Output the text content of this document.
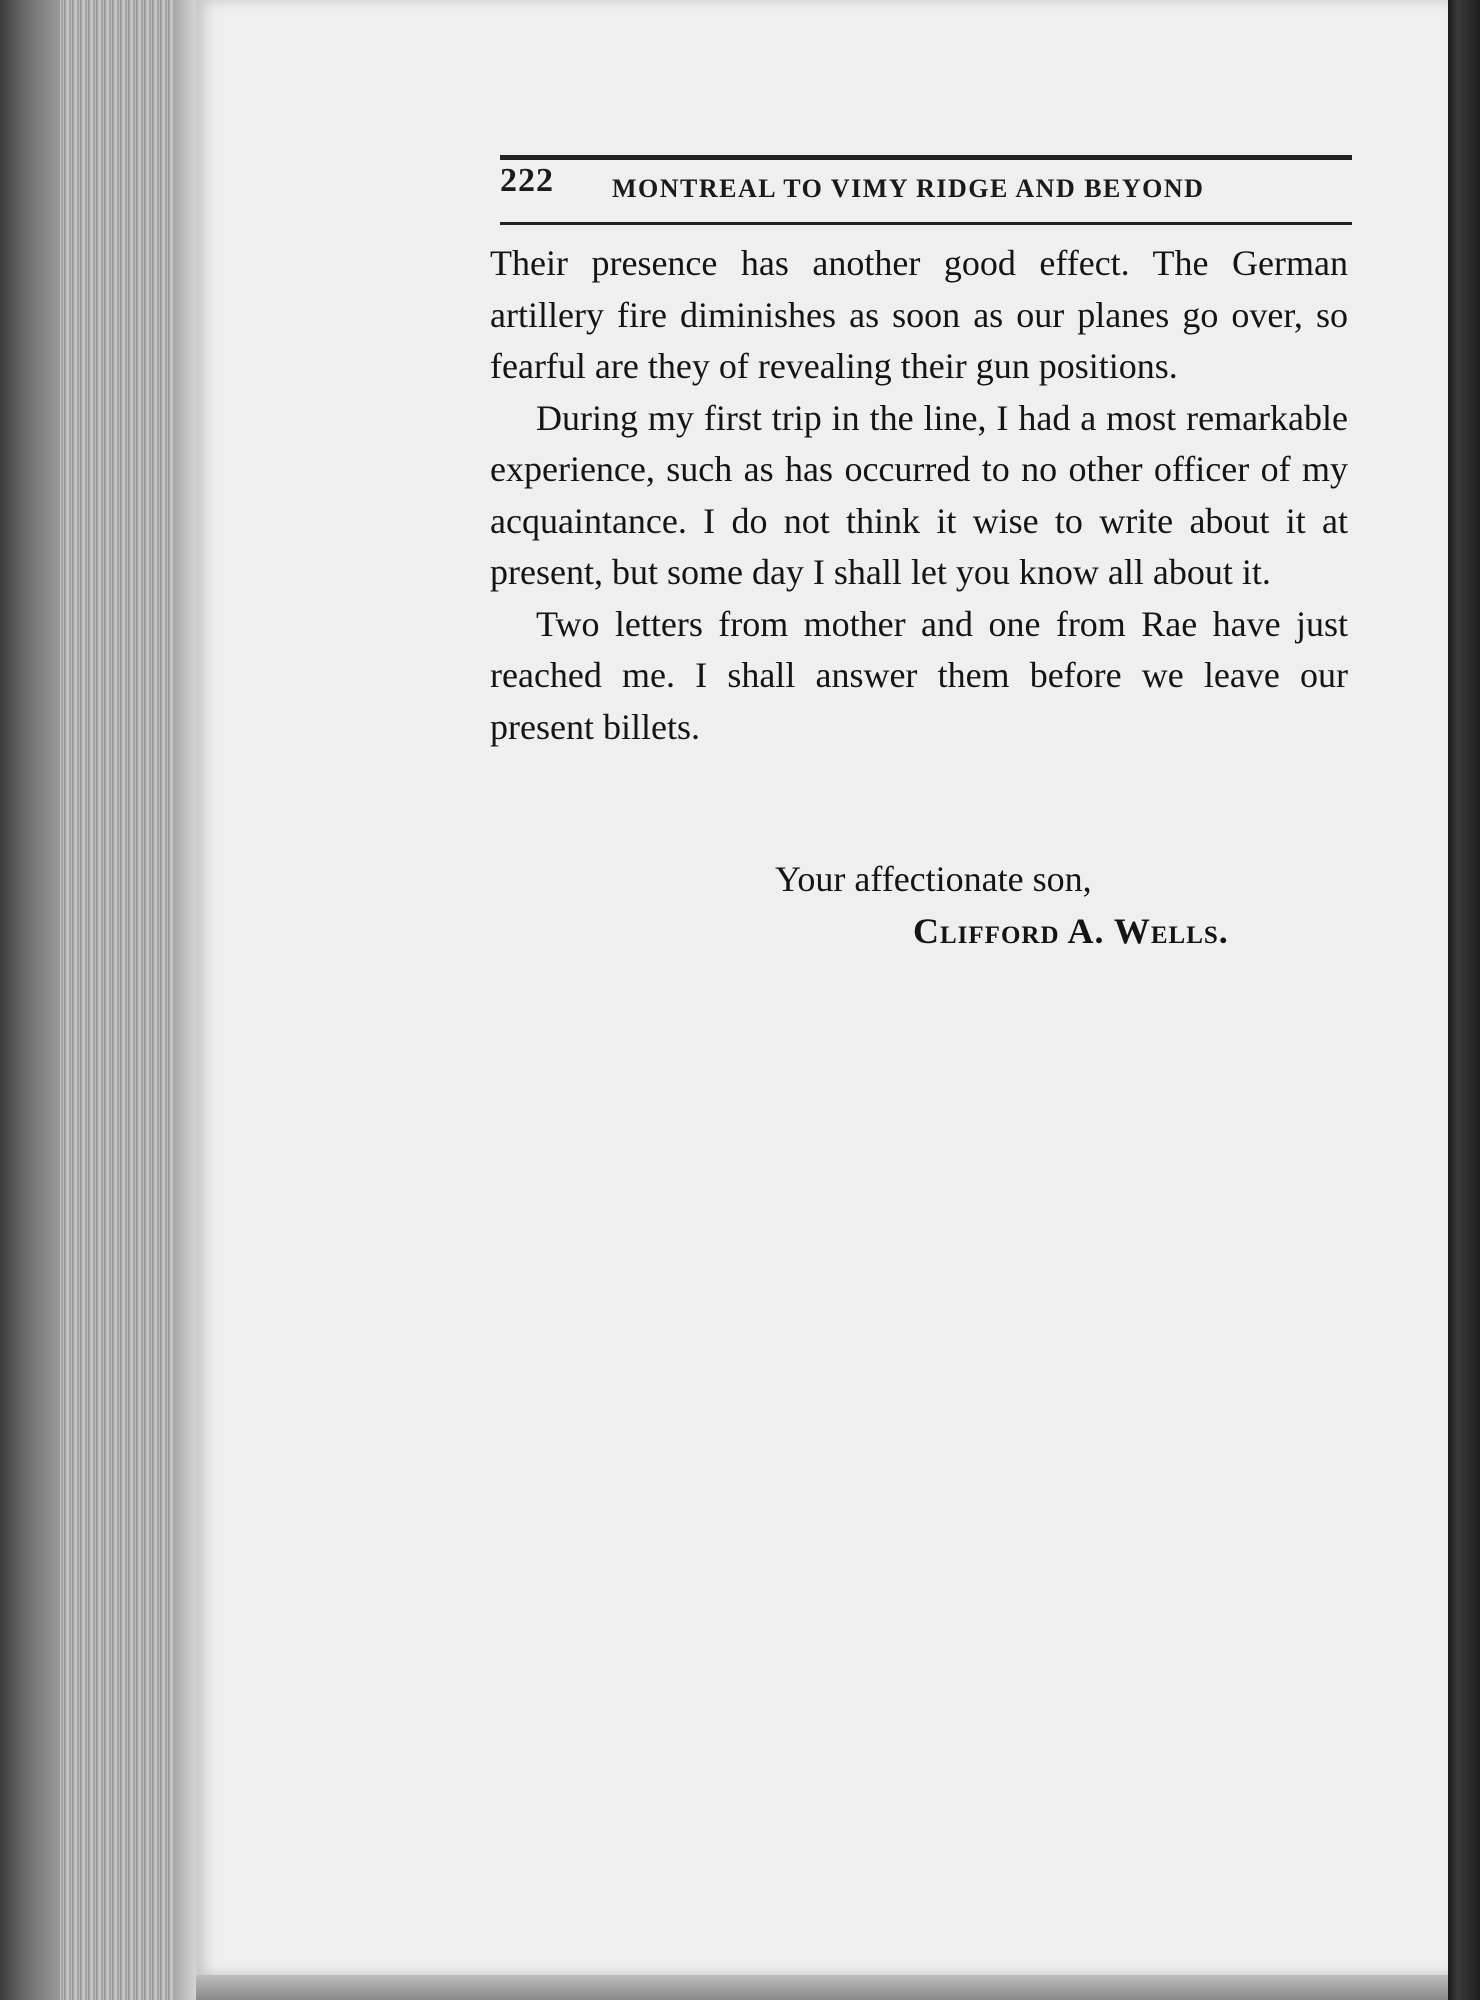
222 MONTREAL TO VIMY RIDGE AND BEYOND

Their presence has another good effect. The German artillery fire diminishes as soon as our planes go over, so fearful are they of revealing their gun positions.

During my first trip in the line, I had a most remarkable experience, such as has occurred to no other officer of my acquaintance. I do not think it wise to write about it at present, but some day I shall let you know all about it.

Two letters from mother and one from Rae have just reached me. I shall answer them before we leave our present billets.

Your affectionate son,
Clifford A. Wells.
